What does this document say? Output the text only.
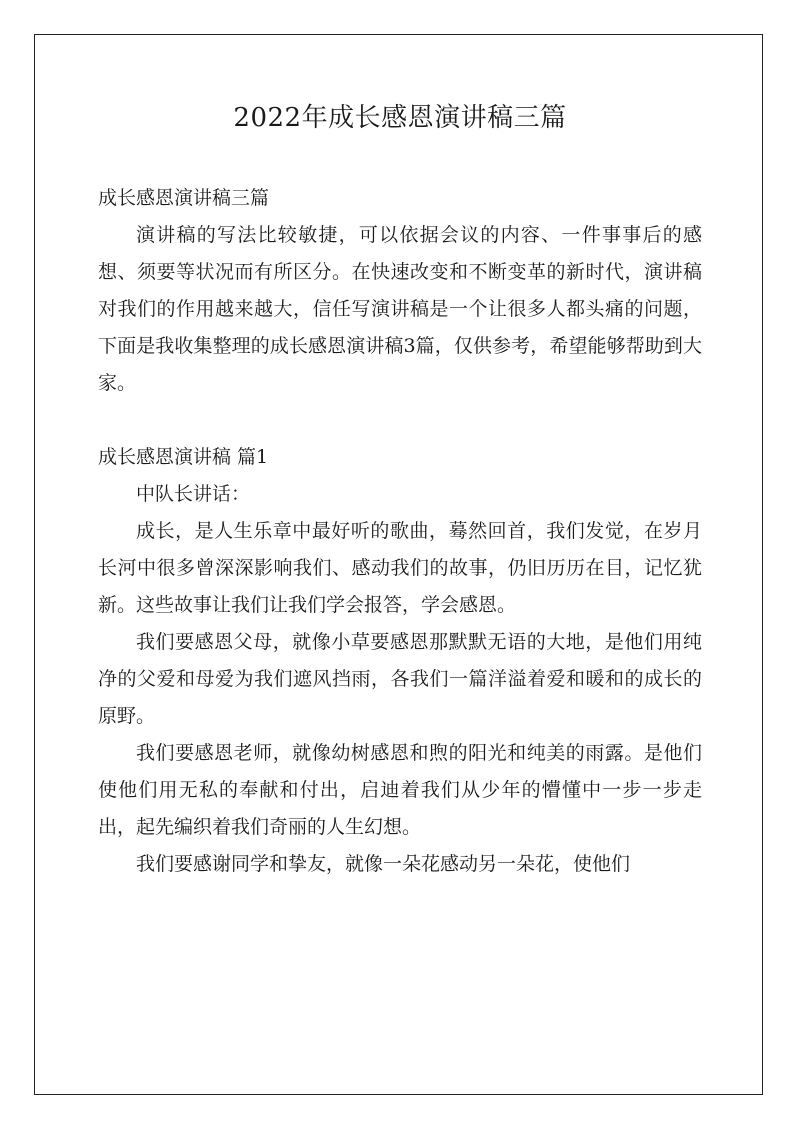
2022年成长感恩演讲稿三篇

成长感恩演讲稿三篇

演讲稿的写法比较敏捷，可以依据会议的内容、一件事事后的感想、须要等状况而有所区分。在快速改变和不断变革的新时代，演讲稿对我们的作用越来越大，信任写演讲稿是一个让很多人都头痛的问题，下面是我收集整理的成长感恩演讲稿3篇，仅供参考，希望能够帮助到大家。

成长感恩演讲稿 篇1

中队长讲话：

成长，是人生乐章中最好听的歌曲，蓦然回首，我们发觉，在岁月长河中很多曾深深影响我们、感动我们的故事，仍旧历历在目，记忆犹新。这些故事让我们让我们学会报答，学会感恩。

我们要感恩父母，就像小草要感恩那默默无语的大地，是他们用纯净的父爱和母爱为我们遮风挡雨，各我们一篇洋溢着爱和暖和的成长的原野。

我们要感恩老师，就像幼树感恩和煦的阳光和纯美的雨露。是他们使他们用无私的奉献和付出，启迪着我们从少年的懵懂中一步一步走出，起先编织着我们奇丽的人生幻想。

我们要感谢同学和挚友，就像一朵花感动另一朵花，使他们
